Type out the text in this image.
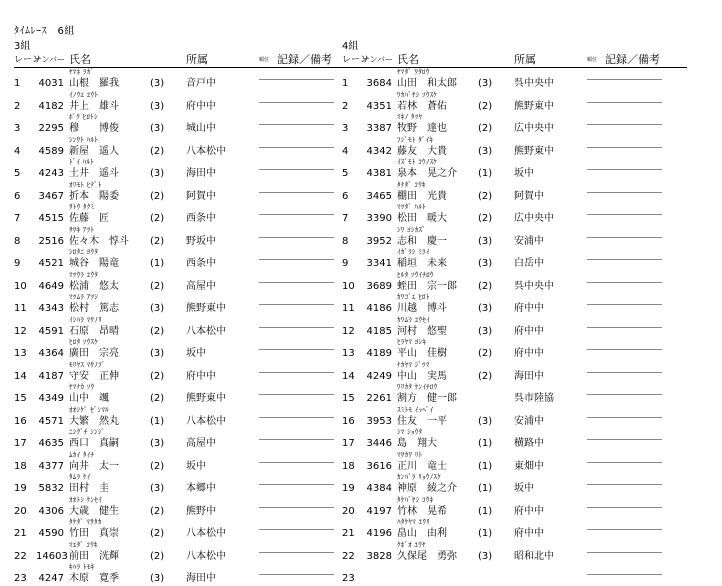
ﾀｲﾑﾚｰｽ　6組
3組
レーン
ナンバー 氏名	所属	順位 記録／備考
ﾔﾏﾈ ﾗｶﾞ
1 4031 山根　羅我	(3) 音戸中
ｲﾉｳｴ ﾕｳﾄ
2 4182 井上　雄斗	(3) 府中中
ﾎﾞｸ ﾋﾛﾄｼ
3 2295 穆　　博俊	(3) 城山中
ｼﾝｻﾄ ﾊﾙﾄ
4 4589 新屋　遥人	(2) 八本松中
ﾄﾞｲ ﾊﾙﾄ
5 4243 土井　遥斗	(3) 海田中
ｵﾘﾓﾄ ﾋﾃﾞﾄ
6 3467 折本　陽委	(2) 阿賀中
ｻﾄｳ ﾀｸﾐ
7 4515 佐藤　匠	(2) 西条中
ｻｻｷ ｱﾂﾄ
8 2516 佐々木　惇斗 (2) 野坂中
ｼﾛﾀﾆ ﾖｳﾀ
9 4521 城谷　陽竜	(1) 西条中
ﾏﾂｳﾗ ﾕｳﾀ
10 4649 松浦　悠太	(2) 高屋中
ﾏﾂﾑﾗ ｱﾂｼ
11 4343 松村　篤志	(3) 熊野東中
ｲｼﾊﾗ ﾏｻﾉﾘ
12 4591 石原　昂晴	(2) 八本松中
ﾋﾛﾀ ｿｳｽｹ
13 4364 廣田　宗亮	(3) 坂中
ﾓﾘﾔｽ ﾏｻﾉﾌﾞ
14 4187 守安　正伸	(2) 府中中
ﾔﾏﾅｶ ｿｳ
15 4349 山中　颯	(2) 熊野東中
ｵｵｼｹﾞ ｾﾞﾝﾏﾙ
16 4571 大繁　然丸	(1) 八本松中
ﾆｼｸﾞﾁ ｼﾝｼﾞ
17 4635 西口　真嗣	(3) 高屋中
ﾑｶｲ ﾀｲﾁ
18 4377 向井　太一	(2) 坂中
ﾀﾑﾗ ｹｲ
19 5832 田村　圭	(3) 本郷中
ｵｵﾄｼ ｹﾝｾｲ
20 4306 大歳　健生	(2) 熊野中
ﾀｹﾀﾞ ﾏｻﾀｶ
21 4590 竹田　真崇	(2) 八本松中
ﾏｴﾀﾞ ｺｳｷ
22 14603 前田　洸輝	(2) 八本松中
ｷﾊﾗ ﾄﾓｷ
23 4247 木原　寛季	(3) 海田中
4組
レーン
ナンバー 氏名	所属	順位 記録／備考
ﾔﾏﾀﾞ ﾜﾀﾛｳ
1 3684 山田　和太郎 (3) 呉中央中
ﾜｶﾊﾞﾔｼ ｿｳｽｹ
2 4351 若林　蒼佑	(2) 熊野東中
ﾏｷﾉ ﾀﾂﾔ
3 3387 牧野　達也	(2) 広中央中
ﾌｼﾞﾓﾄ ﾀﾞｲｷ
4 4342 藤友　大貴	(3) 熊野東中
ｲｽﾞﾓﾄ ｺｳﾉｽｹ
5 4381 泉本　晃之介 (1) 坂中
ﾀﾅﾀﾞ ｺｳｷ
6 3465 棚田　光貴	(2) 阿賀中
ﾏﾂﾀﾞ ﾊﾙﾄ
7 3390 松田　暖大	(2) 広中央中
ｼﾜ ﾖｼｶｽﾞ
8 3952 志和　慶一	(3) 安浦中
ｲｶﾞﾗｼ ﾐﾗｲ
9 3341 稲垣　未来	(3) 白岳中
ﾋﾙﾀ ｿｳｲﾁﾛｳ
10 3689 蛭田　宗一郎 (2) 呉中央中
ｶﾜｺﾞｴ ﾋﾛﾄ
11 4186 川越　博斗	(3) 府中中
ｶﾜﾑﾗ ﾕｳｾｲ
12 4185 河村　悠聖	(3) 府中中
ﾋﾗﾔﾏ ﾖｼｷ
13 4189 平山　佳樹	(2) 府中中
ﾅｶﾔﾏ ｼﾞﾂﾏ
14 4249 中山　実馬	(2) 海田中
ﾜﾘｶﾀ ｹﾝｲﾁﾛｳ
15 2261 割方　健一郎	呉市陸協
ｽﾐﾄﾓ ｲｯﾍﾟｲ
16 3953 住友　一平	(3) 安浦中
ｼﾏ ｼｮｳﾀ
17 3446 島　翔大	(1) 横路中
ﾏｻｶﾜ ﾘﾄ
18 3616 正川　竜士	(1) 東畑中
ｶﾝﾊﾞﾗ ﾘｮｳﾉｽｹ
19 4384 神原　綾之介 (1) 坂中
ﾀｹﾊﾞﾔｼ ｺｳｷ
20 4197 竹林　晃希	(1) 府中中
ﾊﾀｹﾔﾏ ﾕｳﾘ
21 4196 畠山　由利	(1) 府中中
ｸﾎﾞｵ ﾕｳﾔ
22 3828 久保尾　勇弥 (3) 昭和北中
23
